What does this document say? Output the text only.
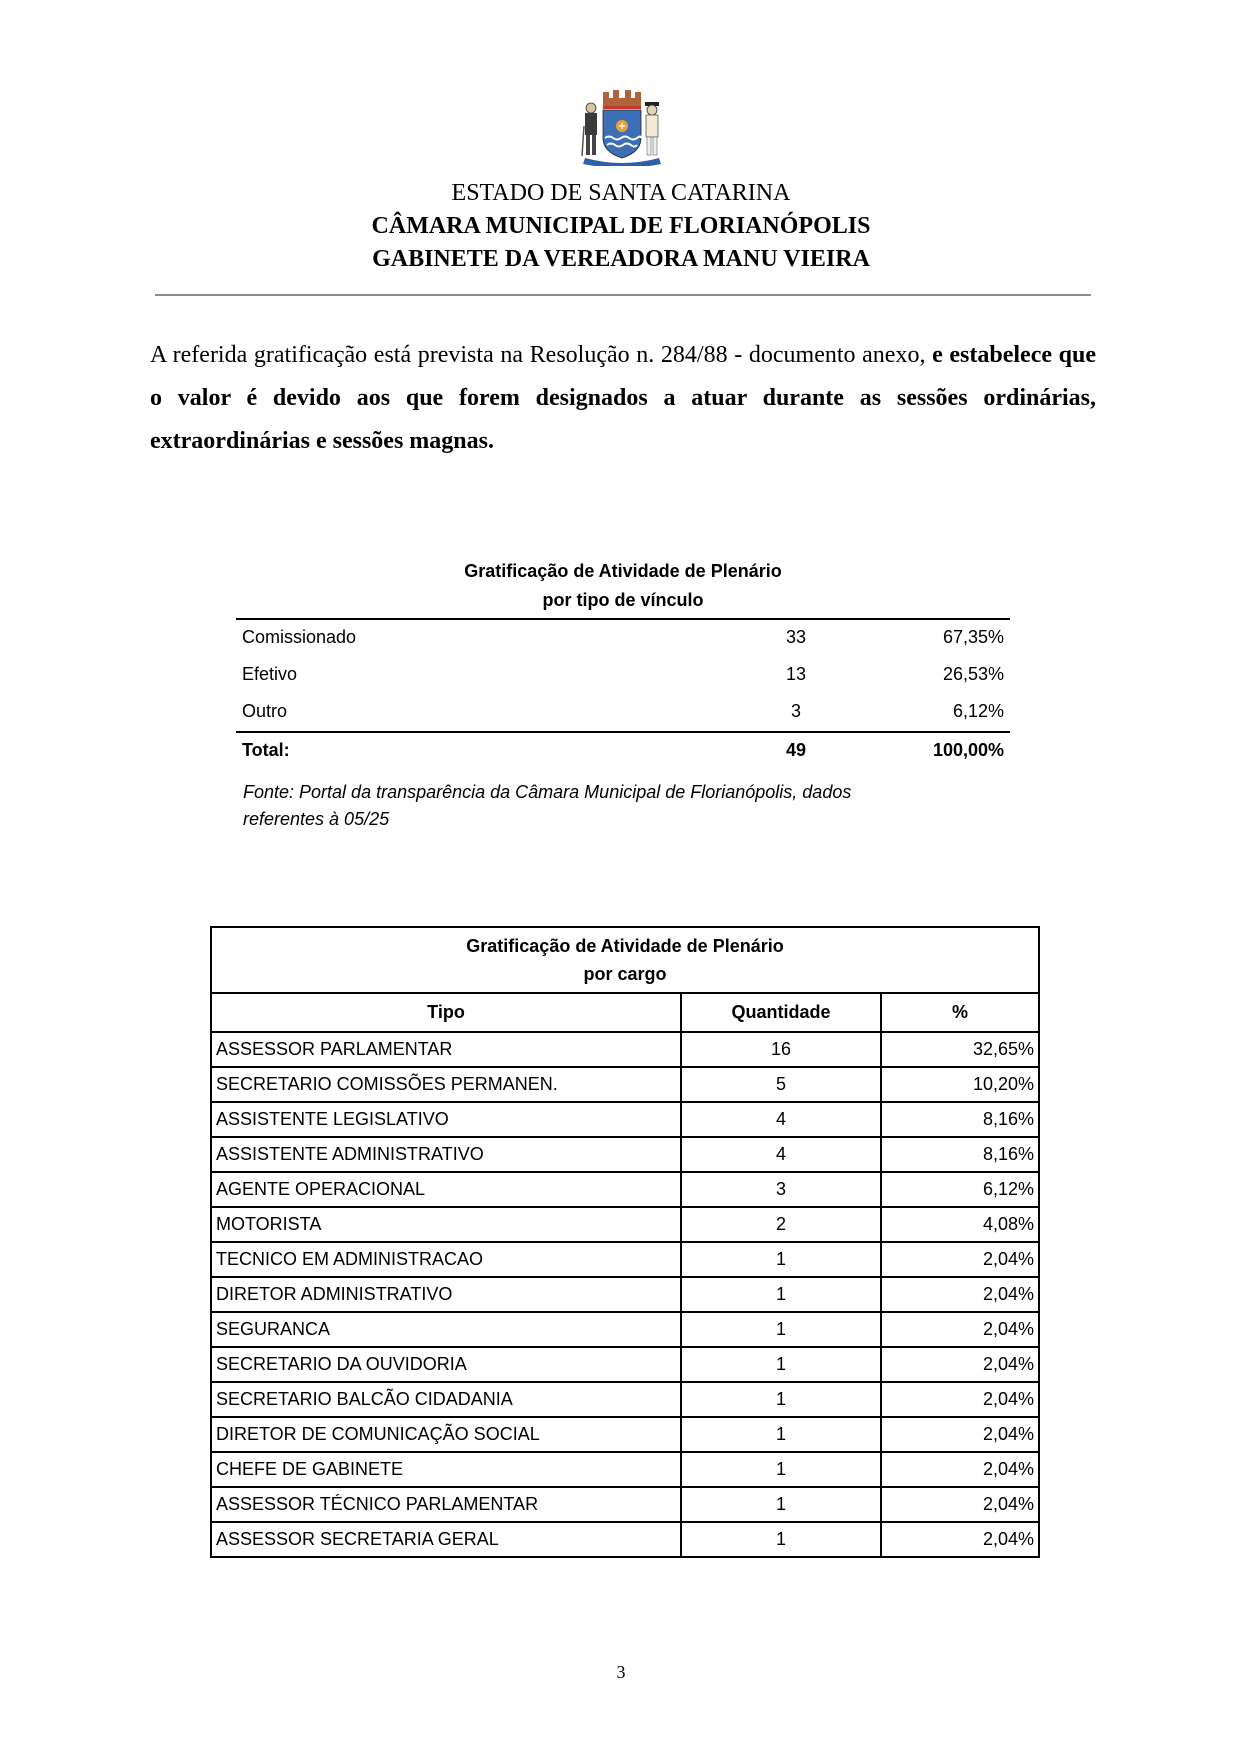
ESTADO DE SANTA CATARINA
CÂMARA MUNICIPAL DE FLORIANÓPOLIS
GABINETE DA VEREADORA MANU VIEIRA
A referida gratificação está prevista na Resolução n. 284/88 - documento anexo, e estabelece que o valor é devido aos que forem designados a atuar durante as sessões ordinárias, extraordinárias e sessões magnas.
Gratificação de Atividade de Plenário
por tipo de vínculo
Comissionado	33	67,35%
Efetivo	13	26,53%
Outro	3	6,12%
Total:	49	100,00%
Fonte: Portal da transparência da Câmara Municipal de Florianópolis, dados
referentes à 05/25
Gratificação de Atividade de Plenário
por cargo		

Tipo	Quantidade	%
ASSESSOR PARLAMENTAR	16	32,65%
SECRETARIO COMISSÕES PERMANEN.	5	10,20%
ASSISTENTE LEGISLATIVO	4	8,16%
ASSISTENTE ADMINISTRATIVO	4	8,16%
AGENTE OPERACIONAL	3	6,12%
MOTORISTA	2	4,08%
TECNICO EM ADMINISTRACAO	1	2,04%
DIRETOR ADMINISTRATIVO	1	2,04%
SEGURANCA	1	2,04%
SECRETARIO DA OUVIDORIA	1	2,04%
SECRETARIO BALCÃO CIDADANIA	1	2,04%
DIRETOR DE COMUNICAÇÃO SOCIAL	1	2,04%
CHEFE DE GABINETE	1	2,04%
ASSESSOR TÉCNICO PARLAMENTAR	1	2,04%
ASSESSOR SECRETARIA GERAL	1	2,04%
3
